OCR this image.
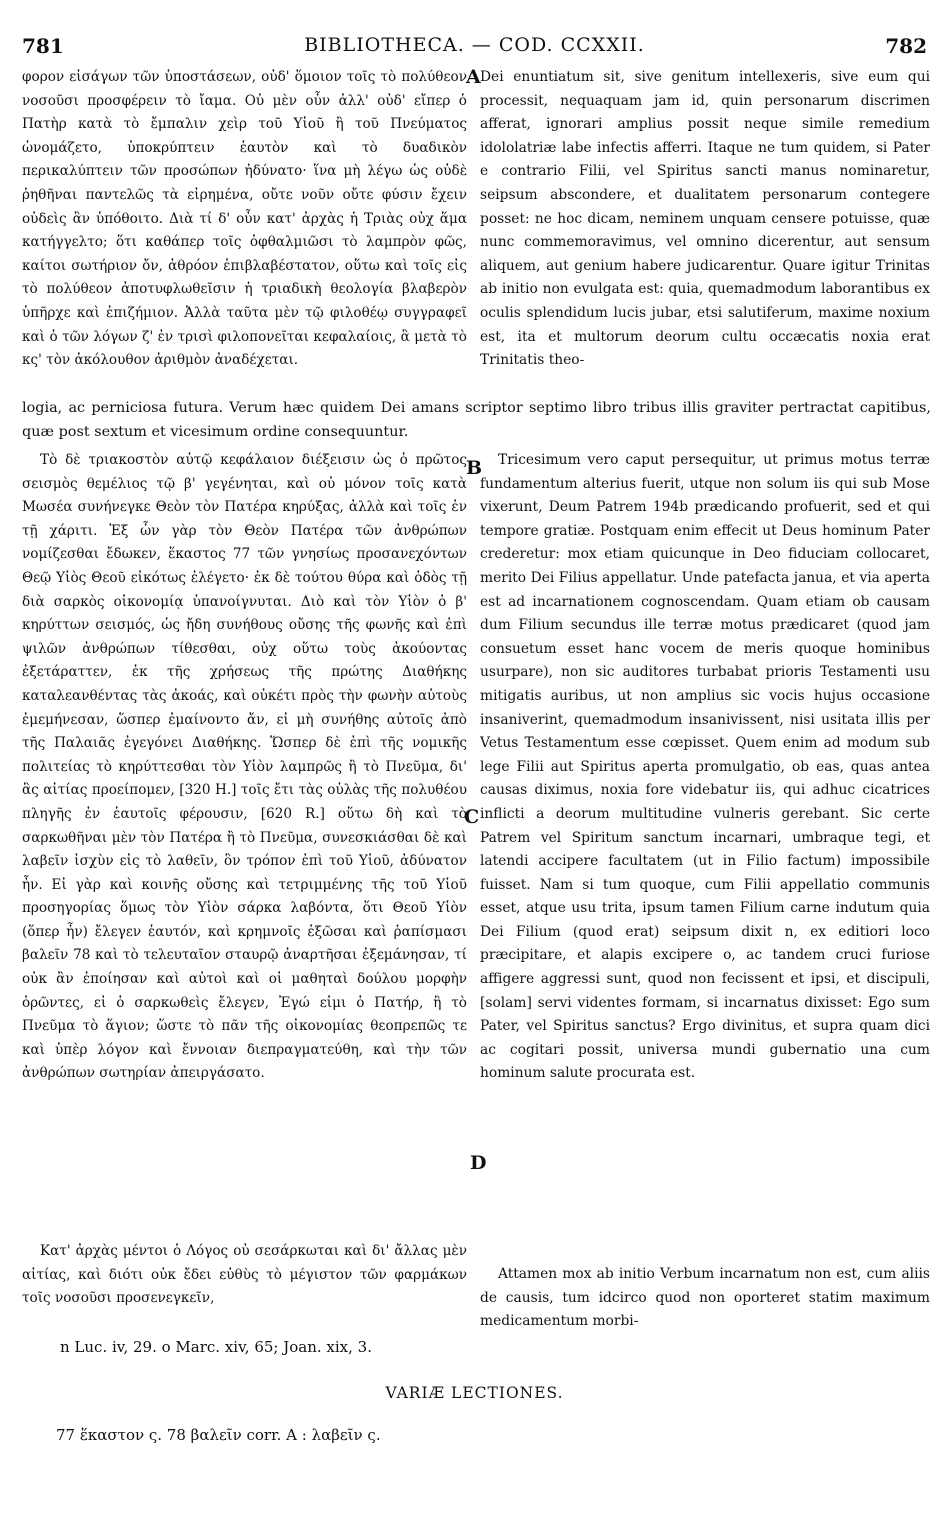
781	BIBLIOTHECA. — COD. CCXXII.	782

φορον εἰσάγων τῶν ὑποστάσεων, οὐδ' ὅμοιον τοῖς τὸ πολύθεον νοσοῦσι προσφέρειν τὸ ἴαμα. Οὐ μὲν οὖν ἀλλ' οὐδ' εἴπερ ὁ Πατὴρ κατὰ τὸ ἔμπαλιν χεὶρ τοῦ Υἱοῦ ἢ τοῦ Πνεύματος ὠνομάζετο, ὑποκρύπτειν ἑαυτὸν καὶ τὸ δυαδικὸν περικαλύπτειν τῶν προσώπων ἠδύνατο· ἵνα μὴ λέγω ὡς οὐδὲ ῥηθῆναι παντελῶς τὰ εἰρημένα, οὔτε νοῦν οὔτε φύσιν ἔχειν οὐδεὶς ἂν ὑπόθοιτο. Διὰ τί δ' οὖν κατ' ἀρχὰς ἡ Τριὰς οὐχ ἅμα κατήγγελτο; ὅτι καθάπερ τοῖς ὀφθαλμιῶσι τὸ λαμπρὸν φῶς, καίτοι σωτήριον ὄν, ἀθρόον ἐπιβλαβέστατον, οὕτω καὶ τοῖς εἰς τὸ πολύθεον ἀποτυφλωθεῖσιν ἡ τριαδικὴ θεολογία βλαβερὸν ὑπῆρχε καὶ ἐπιζήμιον. Ἀλλὰ ταῦτα μὲν τῷ φιλοθέῳ συγγραφεῖ καὶ ὁ τῶν λόγων ζ' ἐν τρισὶ φιλοπονεῖται κεφαλαίοις, ἃ μετὰ τὸ κς' τὸν ἀκόλουθον ἀριθμὸν ἀναδέχεται.

Dei enuntiatum sit, sive genitum intellexeris, sive eum qui processit, nequaquam jam id, quin personarum discrimen afferat, ignorari amplius possit neque simile remedium idololatriæ labe infectis afferri. Itaque ne tum quidem, si Pater e contrario Filii, vel Spiritus sancti manus nominaretur, seipsum abscondere, et dualitatem personarum contegere posset: ne hoc dicam, neminem unquam censere potuisse, quæ nunc commemoravimus, vel omnino dicerentur, aut sensum aliquem, aut genium habere judicarentur. Quare igitur Trinitas ab initio non evulgata est: quia, quemadmodum laborantibus ex oculis splendidum lucis jubar, etsi salutiferum, maxime noxium est, ita et multorum deorum cultu occæcatis noxia erat Trinitatis theo-

logia, ac perniciosa futura. Verum hæc quidem Dei amans scriptor septimo libro tribus illis graviter pertractat capitibus, quæ post sextum et vicesimum ordine consequuntur.

Τὸ δὲ τριακοστὸν αὐτῷ κεφάλαιον διέξεισιν ὡς ὁ πρῶτος σεισμὸς θεμέλιος τῷ β' γεγένηται, καὶ οὐ μόνον τοῖς κατὰ Μωσέα συνήνεγκε Θεὸν τὸν Πατέρα κηρύξας, ἀλλὰ καὶ τοῖς ἐν τῇ χάριτι. Ἐξ ὧν γὰρ τὸν Θεὸν Πατέρα τῶν ἀνθρώπων νομίζεσθαι ἔδωκεν, ἕκαστος 77 τῶν γνησίως προσανεχόντων Θεῷ Υἱὸς Θεοῦ εἰκότως ἐλέγετο· ἐκ δὲ τούτου θύρα καὶ ὁδὸς τῇ διὰ σαρκὸς οἰκονομίᾳ ὑπανοίγνυται. Διὸ καὶ τὸν Υἱὸν ὁ β' κηρύττων σεισμός, ὡς ἤδη συνήθους οὔσης τῆς φωνῆς καὶ ἐπὶ ψιλῶν ἀνθρώπων τίθεσθαι, οὐχ οὕτω τοὺς ἀκούοντας ἐξετάραττεν, ἐκ τῆς χρήσεως τῆς πρώτης Διαθήκης καταλεανθέντας τὰς ἀκοάς, καὶ οὐκέτι πρὸς τὴν φωνὴν αὐτοὺς ἐμεμήνεσαν, ὥσπερ ἐμαίνοντο ἄν, εἰ μὴ συνήθης αὐτοῖς ἀπὸ τῆς Παλαιᾶς ἐγεγόνει Διαθήκης. Ὥσπερ δὲ ἐπὶ τῆς νομικῆς πολιτείας τὸ κηρύττεσθαι τὸν Υἱὸν λαμπρῶς ἢ τὸ Πνεῦμα, δι' ἃς αἰτίας προείπομεν, [320 H.] τοῖς ἔτι τὰς οὐλὰς τῆς πολυθέου πληγῆς ἐν ἑαυτοῖς φέρουσιν, [620 R.] οὕτω δὴ καὶ τὸ σαρκωθῆναι μὲν τὸν Πατέρα ἢ τὸ Πνεῦμα, συνεσκιάσθαι δὲ καὶ λαβεῖν ἰσχὺν εἰς τὸ λαθεῖν, ὃν τρόπον ἐπὶ τοῦ Υἱοῦ, ἀδύνατον ἦν. Εἰ γὰρ καὶ κοινῆς οὔσης καὶ τετριμμένης τῆς τοῦ Υἱοῦ προσηγορίας ὅμως τὸν Υἱὸν σάρκα λαβόντα, ὅτι Θεοῦ Υἱὸν (ὅπερ ἦν) ἔλεγεν ἑαυτόν, καὶ κρημνοῖς ἐξῶσαι καὶ ῥαπίσμασι βαλεῖν 78 καὶ τὸ τελευταῖον σταυρῷ ἀναρτῆσαι ἐξεμάνησαν, τί οὐκ ἂν ἐποίησαν καὶ αὐτοὶ καὶ οἱ μαθηταὶ δούλου μορφὴν ὁρῶντες, εἰ ὁ σαρκωθεὶς ἔλεγεν, Ἐγώ εἰμι ὁ Πατήρ, ἢ τὸ Πνεῦμα τὸ ἅγιον; ὥστε τὸ πᾶν τῆς οἰκονομίας θεοπρεπῶς τε καὶ ὑπὲρ λόγον καὶ ἔννοιαν διεπραγματεύθη, καὶ τὴν τῶν ἀνθρώπων σωτηρίαν ἀπειργάσατο.

Tricesimum vero caput persequitur, ut primus motus terræ fundamentum alterius fuerit, utque non solum iis qui sub Mose vixerunt, Deum Patrem 194b prædicando profuerit, sed et qui tempore gratiæ. Postquam enim effecit ut Deus hominum Pater crederetur: mox etiam quicunque in Deo fiduciam collocaret, merito Dei Filius appellatur. Unde patefacta janua, et via aperta est ad incarnationem cognoscendam. Quam etiam ob causam dum Filium secundus ille terræ motus prædicaret (quod jam consuetum esset hanc vocem de meris quoque hominibus usurpare), non sic auditores turbabat prioris Testamenti usu mitigatis auribus, ut non amplius sic vocis hujus occasione insaniverint, quemadmodum insanivissent, nisi usitata illis per Vetus Testamentum esse cœpisset. Quem enim ad modum sub lege Filii aut Spiritus aperta promulgatio, ob eas, quas antea causas diximus, noxia fore videbatur iis, qui adhuc cicatrices inflicti a deorum multitudine vulneris gerebant. Sic certe Patrem vel Spiritum sanctum incarnari, umbraque tegi, et latendi accipere facultatem (ut in Filio factum) impossibile fuisset. Nam si tum quoque, cum Filii appellatio communis esset, atque usu trita, ipsum tamen Filium carne indutum quia Dei Filium (quod erat) seipsum dixit n, ex editiori loco præcipitare, et alapis excipere o, ac tandem cruci furiose affigere aggressi sunt, quod non fecissent et ipsi, et discipuli, [solam] servi videntes formam, si incarnatus dixisset: Ego sum Pater, vel Spiritus sanctus? Ergo divinitus, et supra quam dici ac cogitari possit, universa mundi gubernatio una cum hominum salute procurata est.

Κατ' ἀρχὰς μέντοι ὁ Λόγος οὐ σεσάρκωται καὶ δι' ἄλλας μὲν αἰτίας, καὶ διότι οὐκ ἔδει εὐθὺς τὸ μέγιστον τῶν φαρμάκων τοῖς νοσοῦσι προσενεγκεῖν,

Attamen mox ab initio Verbum incarnatum non est, cum aliis de causis, tum idcirco quod non oporteret statim maximum medicamentum morbi-

A
B
C
D
n Luc. iv, 29. o Marc. xiv, 65; Joan. xix, 3.
VARIÆ LECTIONES.
77 ἕκαστον ς. 78 βαλεῖν corr. A : λαβεῖν ς.
